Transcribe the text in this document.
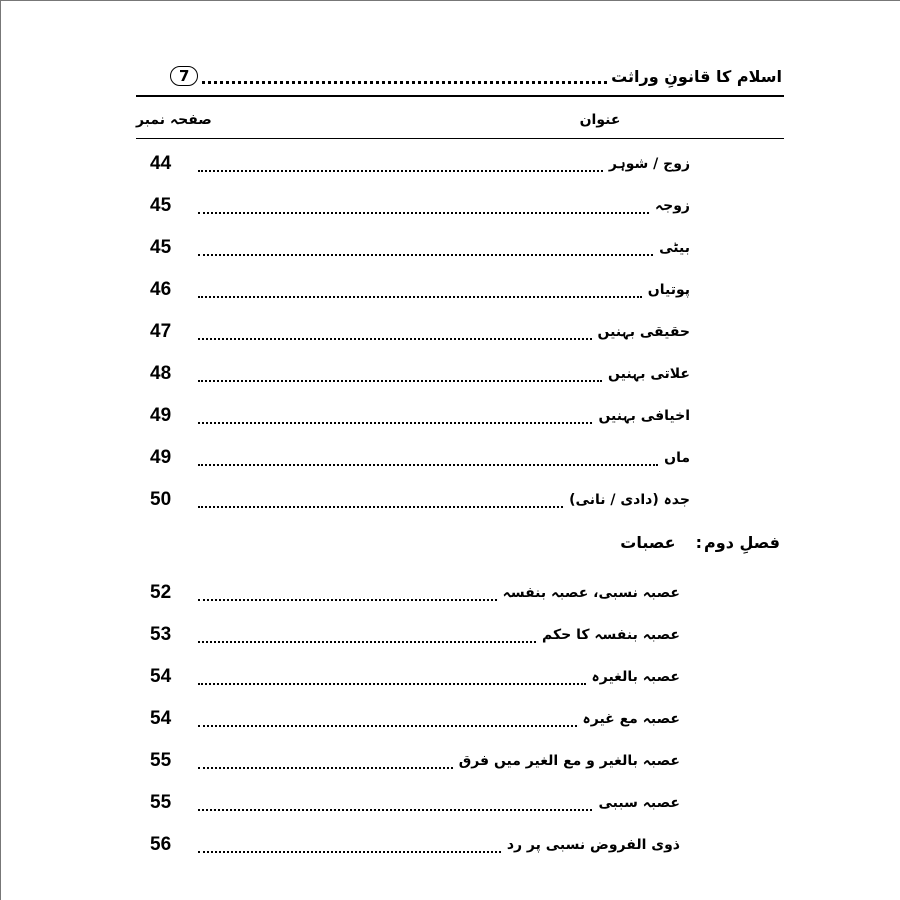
اسلام کا قانونِ وراثت
7
عنوان
صفحہ نمبر
زوج / شوہر
44
زوجہ
45
بیٹی
45
پوتیاں
46
حقیقی بہنیں
47
علاتی بہنیں
48
اخیافی بہنیں
49
ماں
49
جدہ (دادی / نانی)
50
فصلِ دوم:عصبات
عصبہ نسبی، عصبہ بنفسہ
52
عصبہ بنفسہ کا حکم
53
عصبہ بالغیرہ
54
عصبہ مع غیرہ
54
عصبہ بالغیر و مع الغیر میں فرق
55
عصبہ سببی
55
ذوی الفروض نسبی پر رد
56
